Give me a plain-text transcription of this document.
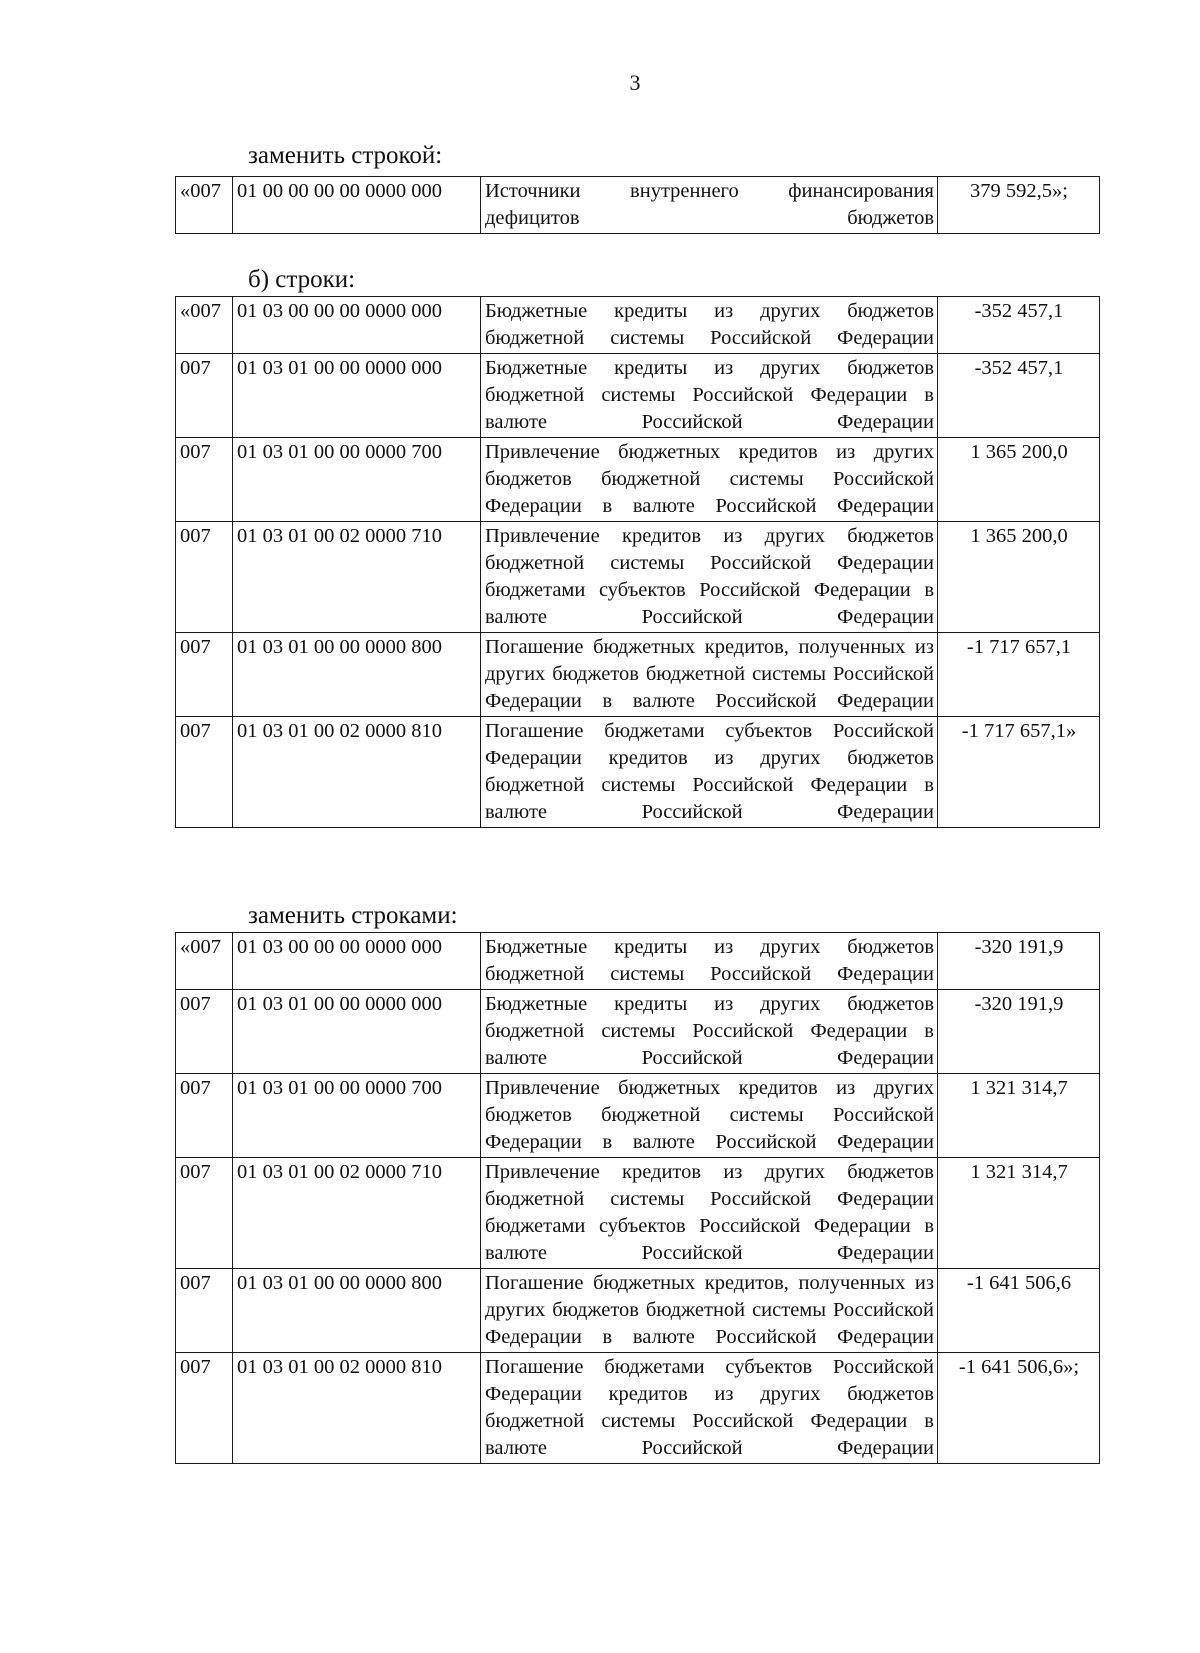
3
заменить строкой:
«007	01 00 00 00 00 0000 000	Источники внутреннего финансирования дефицитов бюджетов	379 592,5»;
б) строки:
«007	01 03 00 00 00 0000 000	Бюджетные кредиты из других бюджетов бюджетной системы Российской Федерации	-352 457,1
007	01 03 01 00 00 0000 000	Бюджетные кредиты из других бюджетов бюджетной системы Российской Федерации в валюте Российской Федерации	-352 457,1
007	01 03 01 00 00 0000 700	Привлечение бюджетных кредитов из других бюджетов бюджетной системы Российской Федерации в валюте Российской Федерации	1 365 200,0
007	01 03 01 00 02 0000 710	Привлечение кредитов из других бюджетов бюджетной системы Российской Федерации бюджетами субъектов Российской Федерации в валюте Российской Федерации	1 365 200,0
007	01 03 01 00 00 0000 800	Погашение бюджетных кредитов, полученных из других бюджетов бюджетной системы Российской Федерации в валюте Российской Федерации	-1 717 657,1
007	01 03 01 00 02 0000 810	Погашение бюджетами субъектов Российской Федерации кредитов из других бюджетов бюджетной системы Российской Федерации в валюте Российской Федерации	-1 717 657,1»
заменить строками:
«007	01 03 00 00 00 0000 000	Бюджетные кредиты из других бюджетов бюджетной системы Российской Федерации	-320 191,9
007	01 03 01 00 00 0000 000	Бюджетные кредиты из других бюджетов бюджетной системы Российской Федерации в валюте Российской Федерации	-320 191,9
007	01 03 01 00 00 0000 700	Привлечение бюджетных кредитов из других бюджетов бюджетной системы Российской Федерации в валюте Российской Федерации	1 321 314,7
007	01 03 01 00 02 0000 710	Привлечение кредитов из других бюджетов бюджетной системы Российской Федерации бюджетами субъектов Российской Федерации в валюте Российской Федерации	1 321 314,7
007	01 03 01 00 00 0000 800	Погашение бюджетных кредитов, полученных из других бюджетов бюджетной системы Российской Федерации в валюте Российской Федерации	-1 641 506,6
007	01 03 01 00 02 0000 810	Погашение бюджетами субъектов Российской Федерации кредитов из других бюджетов бюджетной системы Российской Федерации в валюте Российской Федерации	-1 641 506,6»;
